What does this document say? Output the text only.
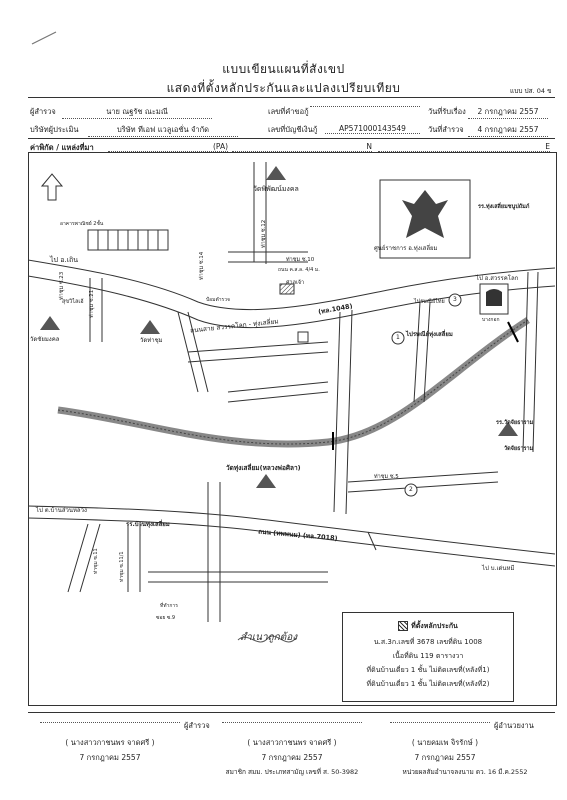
แบบ ปส. 04 ข
แบบเขียนแผนที่สังเขป
แสดงที่ตั้งหลักประกันและแปลงเปรียบเทียบ
ผู้สำรวจ	นาย ณฐรัช ณะมณี	เลขที่คำขอกู้	วันที่รับเรื่อง	2 กรกฎาคม 2557
บริษัทผู้ประเมิน	บริษัท ทีเอฟ แวลูเอชั่น จำกัด	เลขที่บัญชีเงินกู้	AP571000143549	วันที่สำรวจ	4 กรกฎาคม 2557
ค่าพิกัด / แหล่งที่มา	(PA)	N	E
วัดพิพัฒน์มงคล
อาคารพาณิชย์ 2ชั้น
ไป อ.เถิน
ท่าชุม ซ.23
ท่าชุม ซ.21
ท่าชุม ซ.12
ท่าชุม ซ.14	ท่าชุม ซ.10
ถนน ค.ส.ล. 4/4 ม.
ศาลเจ้า
ป้อมตำรวจ
สุขวิไลเฮ้
วัดชัยมงคล	วัดท่าชุม
ถนนสาย สวรรคโลก - ทุ่งเสลี่ยม
(ทล.1048)
ศูนย์ราชการ อ.ทุ่งเสลี่ยม
รร.ทุ่งเสลี่ยมชนูปถัมภ์
ไป อ.สวรรคโลก
ไปรษณีย์ทุ่งเสลี่ยม
ไปรษณีย์ไทย
บางกอก
วัดทุ่งเสลี่ยม(หลวงพ่อศิลา)
วัดจัยธาราม
รร.วัดจัยธาราม
ท่าชุม ซ.5
ไป ต.บ้านส่วนหลวง
รร.บ้านทุ่งเสลี่ยม
ถนน (ทพพนม) (ทล.7018)
ไป บ.เด่นหมี
ท่าชุม ซ.11	ท่าชุม ซ.11/1
ซอย ซ.9
ที่ทำการ
1
2
3
สำเนาถูกต้อง
ที่ตั้งหลักประกัน
น.ส.3ก.เลขที่ 3678 เลขที่ดิน 1008
เนื้อที่ดิน 119 ตารางวา
ที่ดินบ้านเดี่ยว 1 ชั้น ไม่ติดเลขที่(หลังที่1)
ที่ดินบ้านเดี่ยว 1 ชั้น ไม่ติดเลขที่(หลังที่2)
ผู้สำรวจ
( นางสาวกาชนพร จาดศรี )
7 กรกฎาคม 2557
( นางสาวกาชนพร จาดศรี )
7 กรกฎาคม 2557
สมาชิก สมม. ประเภทสามัญ เลขที่ ส. 50-3982
ผู้อำนวยงาน
( นายคมเพ จิรรักษ์ )
7 กรกฎาคม 2557
หน่วยผลสัมอำนาจลงนาม ดว. 16 มี.ค.2552
